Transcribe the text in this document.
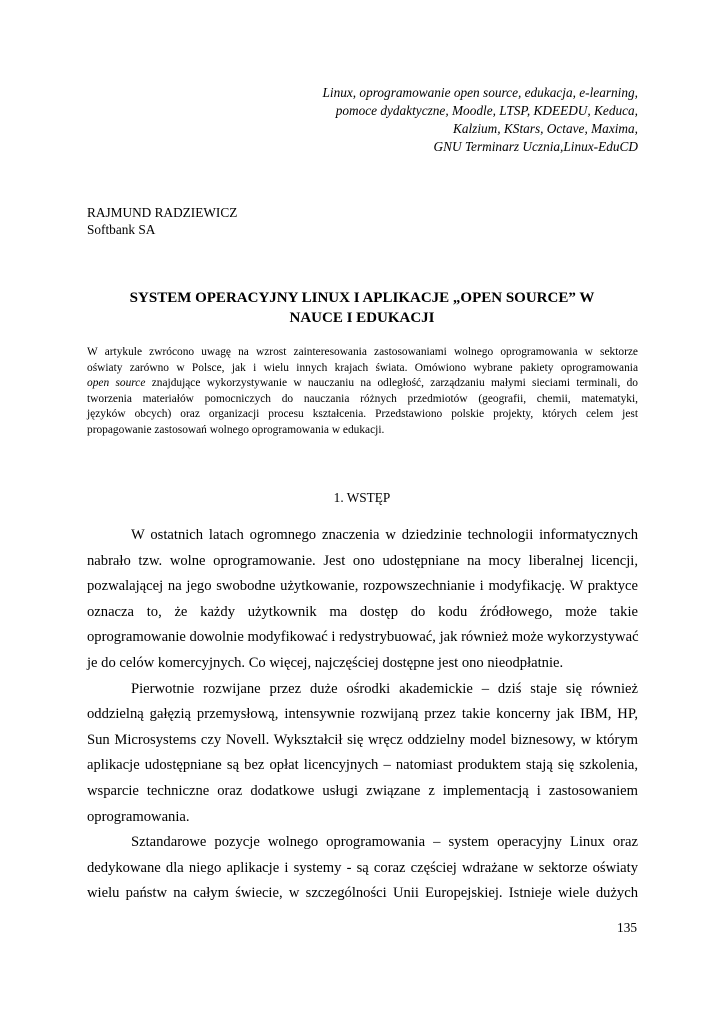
Linux, oprogramowanie open source, edukacja, e-learning,
pomoce dydaktyczne, Moodle, LTSP, KDEEDU, Keduca,
Kalzium, KStars, Octave, Maxima,
GNU Terminarz Ucznia,Linux-EduCD
RAJMUND RADZIEWICZ
Softbank SA
SYSTEM OPERACYJNY LINUX I APLIKACJE „OPEN SOURCE” W
NAUCE I EDUKACJI
W artykule zwrócono uwagę na wzrost zainteresowania zastosowaniami wolnego oprogramowania w sektorze
oświaty zarówno w Polsce, jak i wielu innych krajach świata. Omówiono wybrane pakiety oprogramowania
open source znajdujące wykorzystywanie w nauczaniu na odległość, zarządzaniu małymi sieciami terminali, do
tworzenia materiałów pomocniczych do nauczania różnych przedmiotów (geografii, chemii, matematyki,
języków obcych) oraz organizacji procesu kształcenia. Przedstawiono polskie projekty, których celem jest
propagowanie zastosowań wolnego oprogramowania w edukacji.
1. WSTĘP
W ostatnich latach ogromnego znaczenia w dziedzinie technologii informatycznych
nabrało tzw. wolne oprogramowanie. Jest ono udostępniane na mocy liberalnej licencji,
pozwalającej na jego swobodne użytkowanie, rozpowszechnianie i modyfikację. W praktyce
oznacza to, że każdy użytkownik ma dostęp do kodu źródłowego, może takie
oprogramowanie dowolnie modyfikować i redystrybuować, jak również może wykorzystywać
je do celów komercyjnych. Co więcej, najczęściej dostępne jest ono nieodpłatnie.
Pierwotnie rozwijane przez duże ośrodki akademickie – dziś staje się również
oddzielną gałęzią przemysłową, intensywnie rozwijaną przez takie koncerny jak IBM, HP,
Sun Microsystems czy Novell. Wykształcił się wręcz oddzielny model biznesowy, w którym
aplikacje udostępniane są bez opłat licencyjnych – natomiast produktem stają się szkolenia,
wsparcie techniczne oraz dodatkowe usługi związane z implementacją i zastosowaniem
oprogramowania.
Sztandarowe pozycje wolnego oprogramowania – system operacyjny Linux oraz
dedykowane dla niego aplikacje i systemy - są coraz częściej wdrażane w sektorze oświaty
wielu państw na całym świecie, w szczególności Unii Europejskiej. Istnieje wiele dużych
135
